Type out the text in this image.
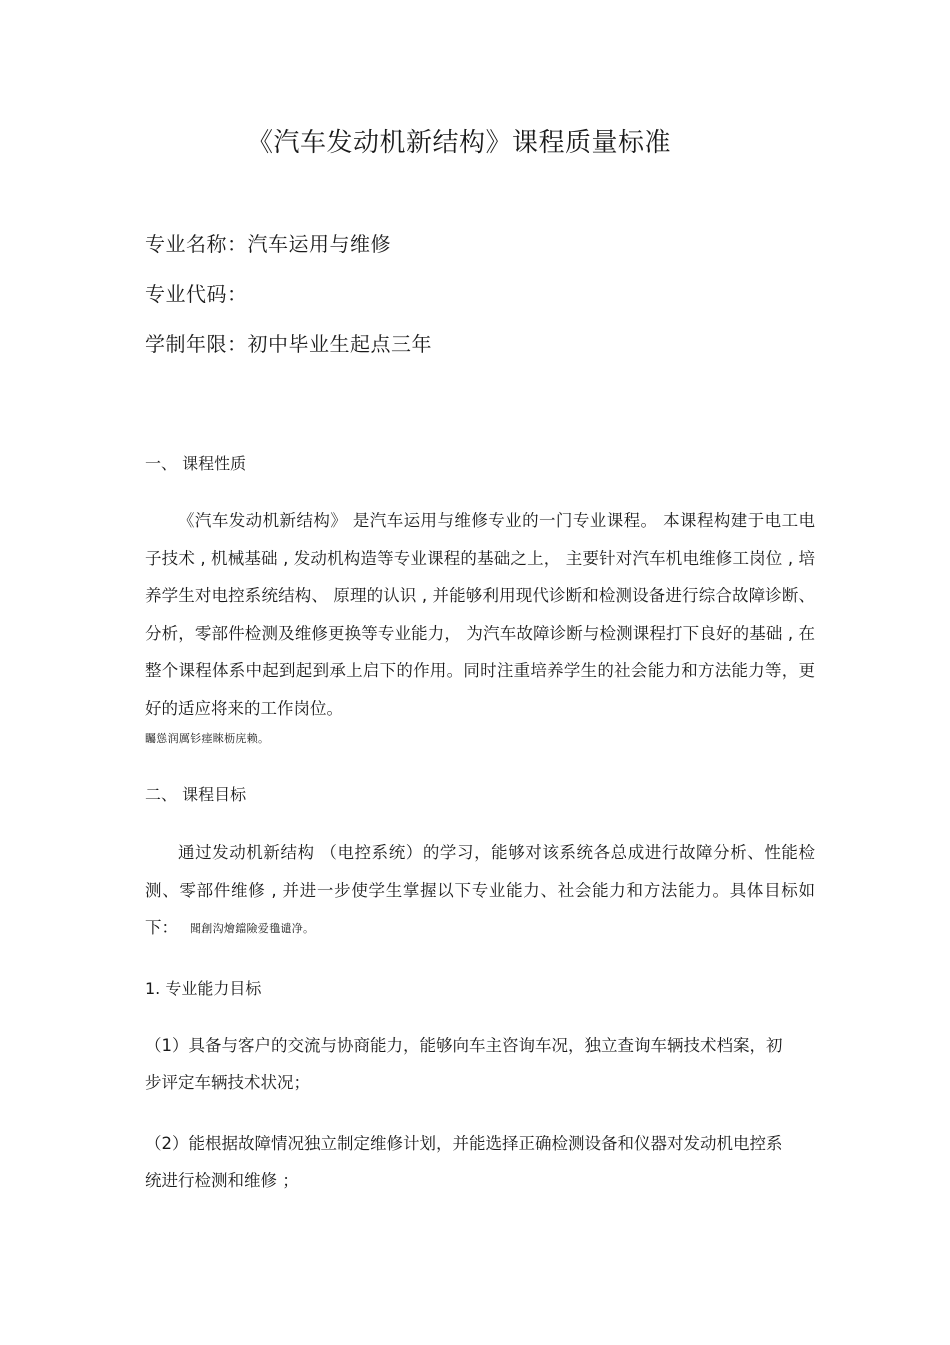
《汽车发动机新结构》课程质量标准
专业名称：汽车运用与维修
专业代码：
学制年限：初中毕业生起点三年
一、 课程性质
《汽车发动机新结构》 是汽车运用与维修专业的一门专业课程。 本课程构建于电工电子技术 , 机械基础 , 发动机构造等专业课程的基础之上， 主要针对汽车机电维修工岗位 , 培养学生对电控系统结构、 原理的认识 , 并能够利用现代诊断和检测设备进行综合故障诊断、 分析，零部件检测及维修更换等专业能力， 为汽车故障诊断与检测课程打下良好的基础 , 在整个课程体系中起到起到承上启下的作用。同时注重培养学生的社会能力和方法能力等，更好的适应将来的工作岗位。
矚慫润厲钐瘗睞枥庑赖。
二、 课程目标
通过发动机新结构 （电控系统）的学习，能够对该系统各总成进行故障分析、性能检测、零部件维修 , 并进一步使学生掌握以下专业能力、社会能力和方法能力。具体目标如下： 聞創沟燴鐺險爱氇谴净。
1. 专业能力目标
（1）具备与客户的交流与协商能力，能够向车主咨询车况，独立查询车辆技术档案，初步评定车辆技术状况；
（2）能根据故障情况独立制定维修计划，并能选择正确检测设备和仪器对发动机电控系统进行检测和维修 ；
